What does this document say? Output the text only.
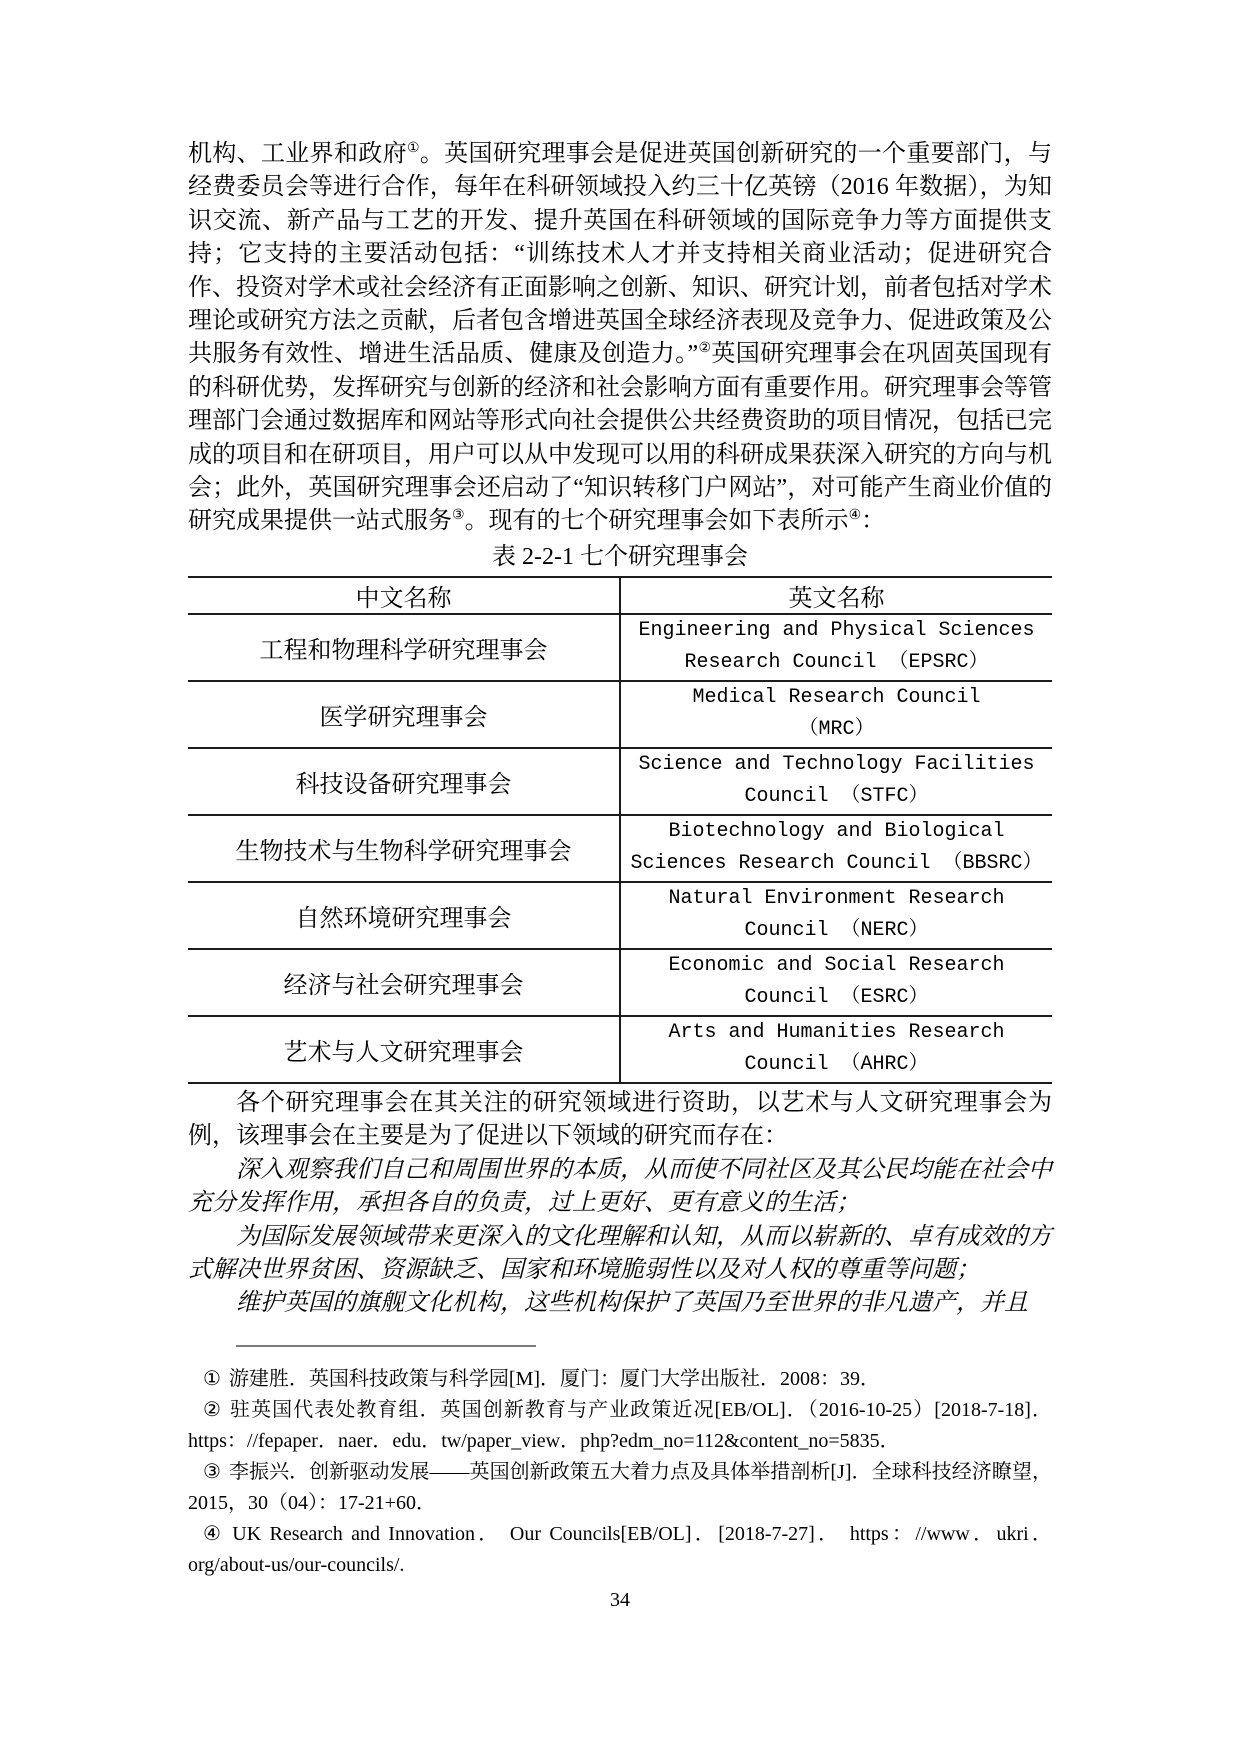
机构、工业界和政府①。英国研究理事会是促进英国创新研究的一个重要部门，与经费委员会等进行合作，每年在科研领域投入约三十亿英镑（2016 年数据），为知识交流、新产品与工艺的开发、提升英国在科研领域的国际竞争力等方面提供支持；它支持的主要活动包括：“训练技术人才并支持相关商业活动；促进研究合作、投资对学术或社会经济有正面影响之创新、知识、研究计划，前者包括对学术理论或研究方法之贡献，后者包含增进英国全球经济表现及竞争力、促进政策及公共服务有效性、增进生活品质、健康及创造力。”②英国研究理事会在巩固英国现有的科研优势，发挥研究与创新的经济和社会影响方面有重要作用。研究理事会等管理部门会通过数据库和网站等形式向社会提供公共经费资助的项目情况，包括已完成的项目和在研项目，用户可以从中发现可以用的科研成果获深入研究的方向与机会；此外，英国研究理事会还启动了“知识转移门户网站”，对可能产生商业价值的研究成果提供一站式服务③。现有的七个研究理事会如下表所示④：

表 2-2-1 七个研究理事会
中文名称	英文名称
工程和物理科学研究理事会	Engineering and Physical Sciences
Research Council （EPSRC）

医学研究理事会	Medical Research Council
（MRC）

科技设备研究理事会	Science and Technology Facilities
Council （STFC）

生物技术与生物科学研究理事会	Biotechnology and Biological
Sciences Research Council （BBSRC）

自然环境研究理事会	Natural Environment Research
Council （NERC）

经济与社会研究理事会	Economic and Social Research
Council （ESRC）

艺术与人文研究理事会	Arts and Humanities Research
Council （AHRC）

各个研究理事会在其关注的研究领域进行资助，以艺术与人文研究理事会为例，该理事会在主要是为了促进以下领域的研究而存在：

深入观察我们自己和周围世界的本质，从而使不同社区及其公民均能在社会中充分发挥作用，承担各自的负责，过上更好、更有意义的生活；

为国际发展领域带来更深入的文化理解和认知，从而以崭新的、卓有成效的方式解决世界贫困、资源缺乏、国家和环境脆弱性以及对人权的尊重等问题；

维护英国的旗舰文化机构，这些机构保护了英国乃至世界的非凡遗产，并且

① 游建胜．英国科技政策与科学园[M]．厦门：厦门大学出版社．2008：39．

② 驻英国代表处教育组．英国创新教育与产业政策近况[EB/OL]．（2016-10-25）[2018-7-18]．https：//fepaper．naer．edu．tw/paper_view．php?edm_no=112&content_no=5835．

③ 李振兴．创新驱动发展——英国创新政策五大着力点及具体举措剖析[J]．全球科技经济瞭望，2015，30（04）：17-21+60．

④ UK Research and Innovation． Our Councils[EB/OL]．[2018-7-27]． https：//www．ukri．org/about-us/our-councils/.

34
